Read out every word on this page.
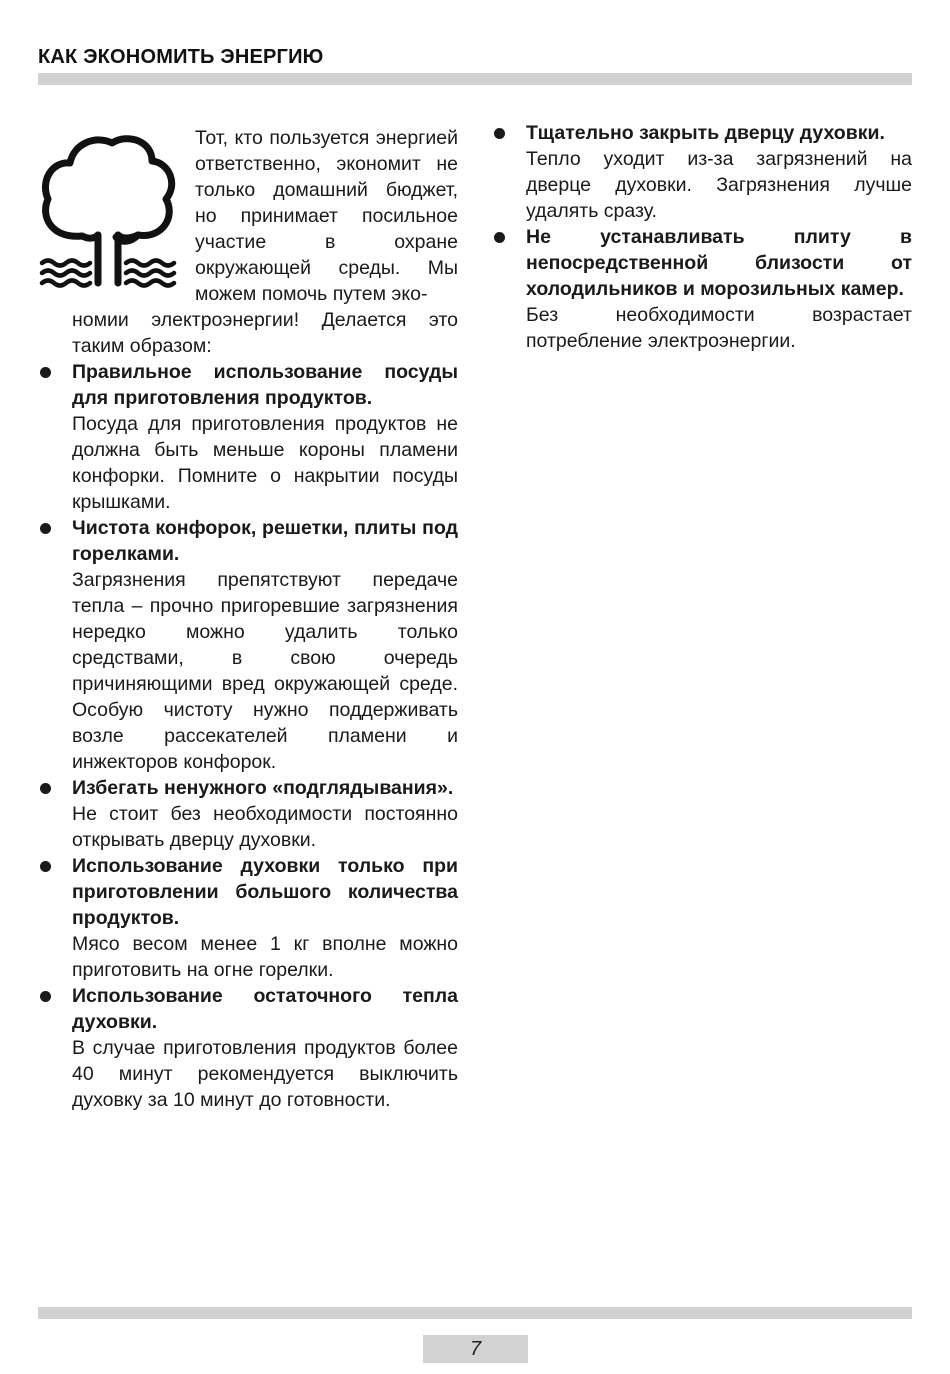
КАК ЭКОНОМИТЬ ЭНЕРГИЮ
Тот, кто пользуется энергией ответственно, экономит не только домашний бюджет, но принимает посильное участие в охране окружающей среды. Мы можем помочь путем эко-
номии электроэнергии! Делается это таким образом:
Правильное использование посуды для приготовления продуктов.
Посуда для приготовления продуктов не должна быть меньше короны пламени конфорки. Помните о накрытии посуды крышками.
Чистота конфорок, решетки, плиты под горелками.
Загрязнения препятствуют передаче тепла – прочно пригоревшие загрязнения нередко можно удалить только средствами, в свою очередь причиняющими вред окружающей среде. Особую чистоту нужно поддерживать возле рассекателей пламени и инжекторов конфорок.
Избегать ненужного «подглядывания».
Не стоит без необходимости постоянно открывать дверцу духовки.
Использование духовки только при приготовлении большого количества продуктов.
Мясо весом менее 1 кг вполне можно приготовить на огне горелки.
Использование остаточного тепла духовки.
В случае приготовления продуктов более 40 минут рекомендуется выключить духовку за 10 минут до готовности.
Тщательно закрыть дверцу духовки.
Тепло уходит из-за загрязнений на дверце духовки. Загрязнения лучше удалять сразу.
Не устанавливать плиту в непосредственной близости от холодильников и морозильных камер.
Без необходимости возрастает потребление электроэнергии.
7
